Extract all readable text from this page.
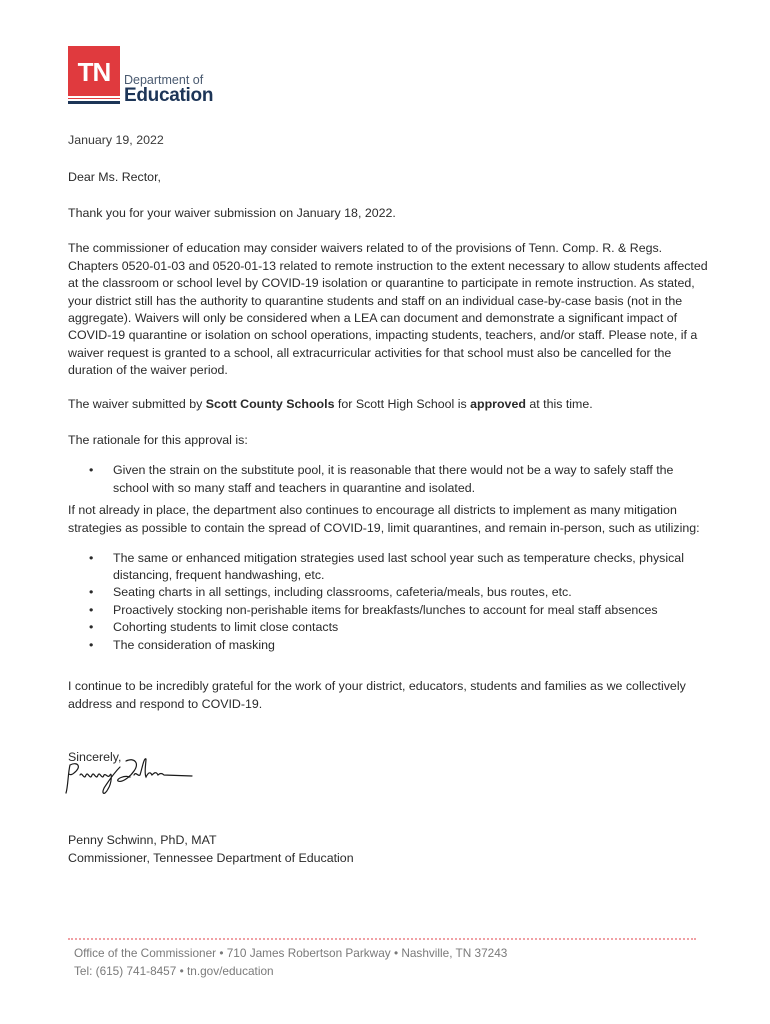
TN	Department of
Education

January 19, 2022

Dear Ms. Rector,

Thank you for your waiver submission on January 18, 2022.

The commissioner of education may consider waivers related to of the provisions of Tenn. Comp. R. & Regs. Chapters 0520-01-03 and 0520-01-13 related to remote instruction to the extent necessary to allow students affected at the classroom or school level by COVID-19 isolation or quarantine to participate in remote instruction. As stated, your district still has the authority to quarantine students and staff on an individual case-by-case basis (not in the aggregate). Waivers will only be considered when a LEA can document and demonstrate a significant impact of COVID-19 quarantine or isolation on school operations, impacting students, teachers, and/or staff. Please note, if a waiver request is granted to a school, all extracurricular activities for that school must also be cancelled for the duration of the waiver period.

The waiver submitted by Scott County Schools for Scott High School is approved at this time.

The rationale for this approval is:

• Given the strain on the substitute pool, it is reasonable that there would not be a way to safely staff the school with so many staff and teachers in quarantine and isolated.

If not already in place, the department also continues to encourage all districts to implement as many mitigation strategies as possible to contain the spread of COVID-19, limit quarantines, and remain in-person, such as utilizing:

• The same or enhanced mitigation strategies used last school year such as temperature checks, physical distancing, frequent handwashing, etc.
• Seating charts in all settings, including classrooms, cafeteria/meals, bus routes, etc.
• Proactively stocking non-perishable items for breakfasts/lunches to account for meal staff absences
• Cohorting students to limit close contacts
• The consideration of masking

I continue to be incredibly grateful for the work of your district, educators, students and families as we collectively address and respond to COVID-19.

Sincerely,

Penny Schwinn, PhD, MAT

Commissioner, Tennessee Department of Education

Office of the Commissioner • 710 James Robertson Parkway • Nashville, TN 37243
Tel: (615) 741-8457 • tn.gov/education
